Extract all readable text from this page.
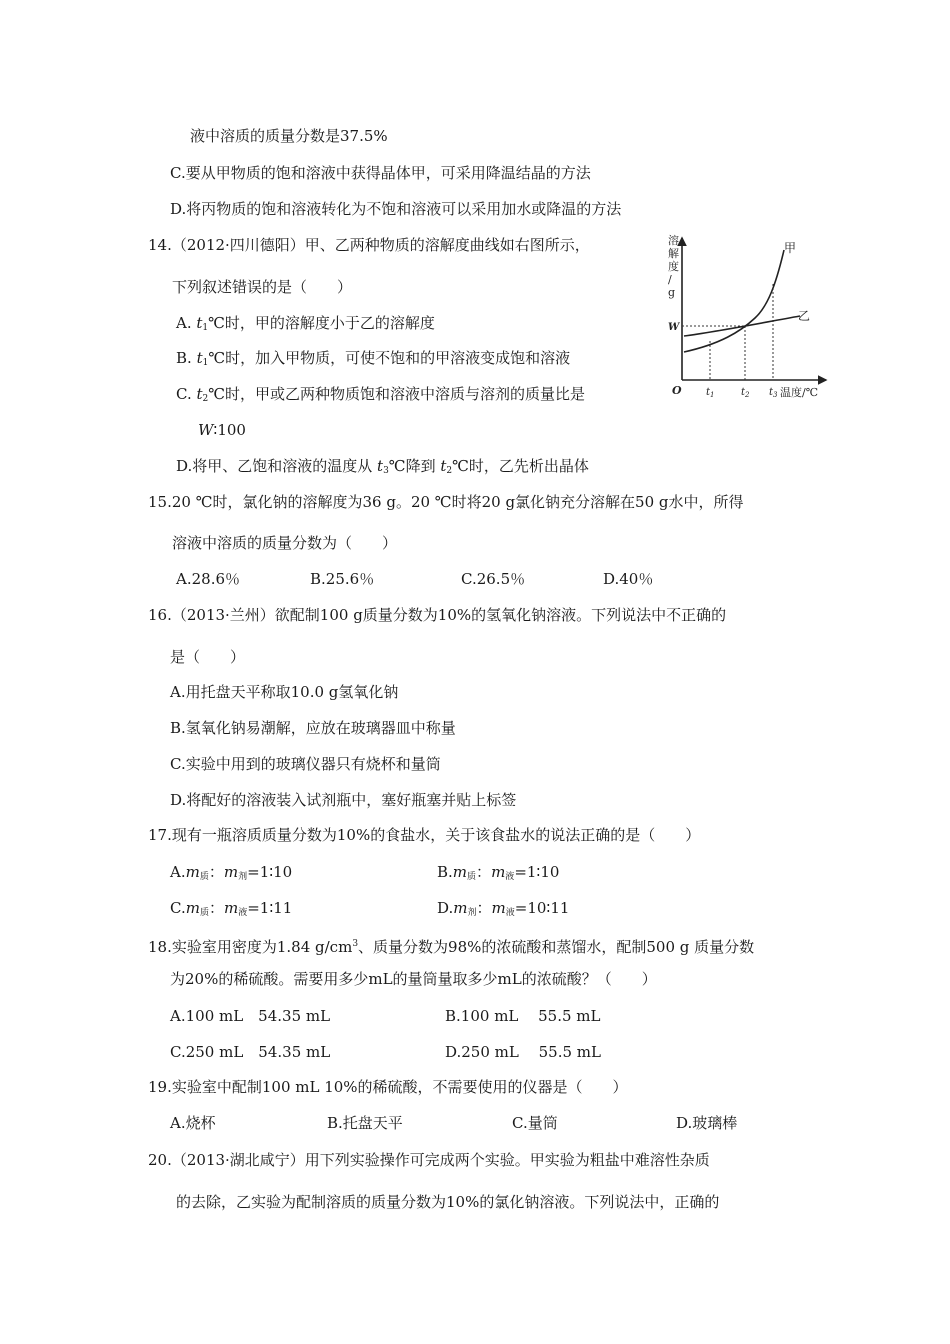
液中溶质的质量分数是37.5%
C.要从甲物质的饱和溶液中获得晶体甲，可采用降温结晶的方法
D.将丙物质的饱和溶液转化为不饱和溶液可以采用加水或降温的方法
14.（2012·四川德阳）甲、乙两种物质的溶解度曲线如右图所示，
下列叙述错误的是（　　）
A. $t_1℃$时，甲的溶解度小于乙的溶解度
B. $t_1℃$时，加入甲物质，可使不饱和的甲溶液变成饱和溶液
C. $t_2℃$时，甲或乙两种物质饱和溶液中溶质与溶剂的质量比是
W∶100
D.将甲、乙饱和溶液的温度从 $t_3℃$降到 $t_2℃$时，乙先析出晶体
溶解度/ g
甲
乙
W
O $t_1$	$t_2$ $t_3$ 温度/℃
15.20 ℃时，氯化钠的溶解度为36 g。20 ℃时将20 g氯化钠充分溶解在50 g水中，所得
溶液中溶质的质量分数为（　　）
A.28.6％	B.25.6％	C.26.5％	D.40％
16.（2013·兰州）欲配制100 g质量分数为10%的氢氧化钠溶液。下列说法中不正确的
是（　　）
A.用托盘天平称取10.0 g氢氧化钠
B.氢氧化钠易潮解，应放在玻璃器皿中称量
C.实验中用到的玻璃仪器只有烧杯和量筒
D.将配好的溶液装入试剂瓶中，塞好瓶塞并贴上标签
17.现有一瓶溶质质量分数为10%的食盐水，关于该食盐水的说法正确的是（　　）
$A.m_质$：$m_剂=1∶10$	$B.m_质$：$m_液=1∶10$
$C.m_质$：$m_液=1∶11$	$D.m_剂$：$m_液=10∶11$
18.实验室用密度为1.84 $g/cm^3$、质量分数为98%的浓硫酸和蒸馏水，配制500 g 质量分数
为20%的稀硫酸。需要用多少mL的量筒量取多少mL的浓硫酸？（　　）
A.100 mL　54.35 mL	B.100 mL　 55.5 mL
C.250 mL　54.35 mL	D.250 mL　 55.5 mL
19.实验室中配制100 mL 10%的稀硫酸，不需要使用的仪器是（　　）
A.烧杯	B.托盘天平	C.量筒	D.玻璃棒
20.（2013·湖北咸宁）用下列实验操作可完成两个实验。甲实验为粗盐中难溶性杂质
的去除，乙实验为配制溶质的质量分数为10%的氯化钠溶液。下列说法中，正确的
